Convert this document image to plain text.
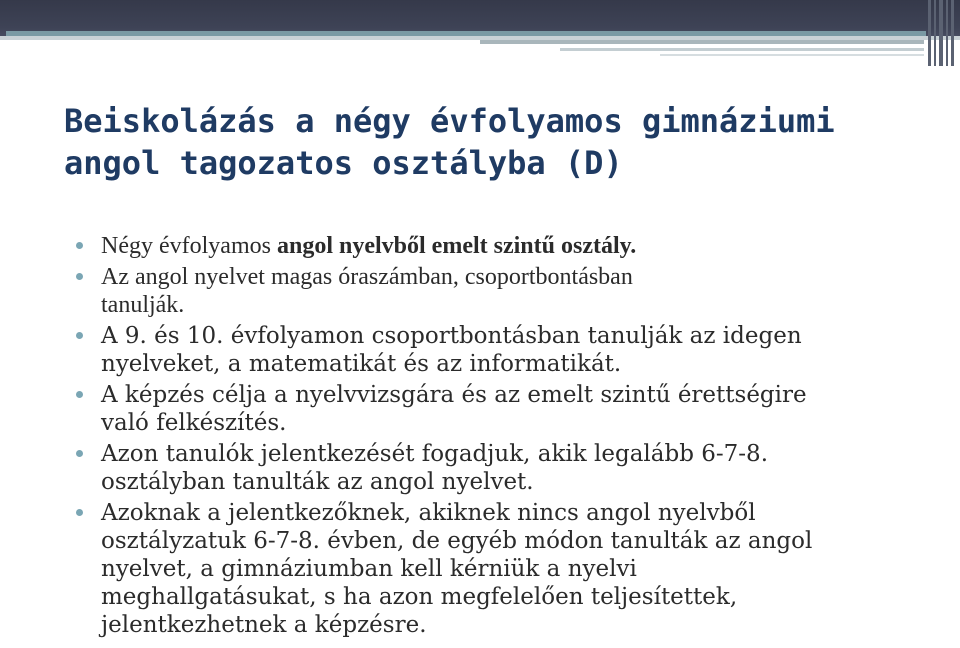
Beiskolázás a négy évfolyamos gimnáziumi
angol tagozatos osztályba (D)
Négy évfolyamos angol nyelvből emelt szintű osztály.
Az angol nyelvet magas óraszámban, csoportbontásban
tanulják.
A 9. és 10. évfolyamon csoportbontásban tanulják az idegen
nyelveket, a matematikát és az informatikát.
A képzés célja a nyelvvizsgára és az emelt szintű érettségire
való felkészítés.
Azon tanulók jelentkezését fogadjuk, akik legalább 6-7-8.
osztályban tanulták az angol nyelvet.
Azoknak a jelentkezőknek, akiknek nincs angol nyelvből
osztályzatuk 6-7-8. évben, de egyéb módon tanulták az angol
nyelvet, a gimnáziumban kell kérniük a nyelvi
meghallgatásukat, s ha azon megfelelően teljesítettek,
jelentkezhetnek a képzésre.
